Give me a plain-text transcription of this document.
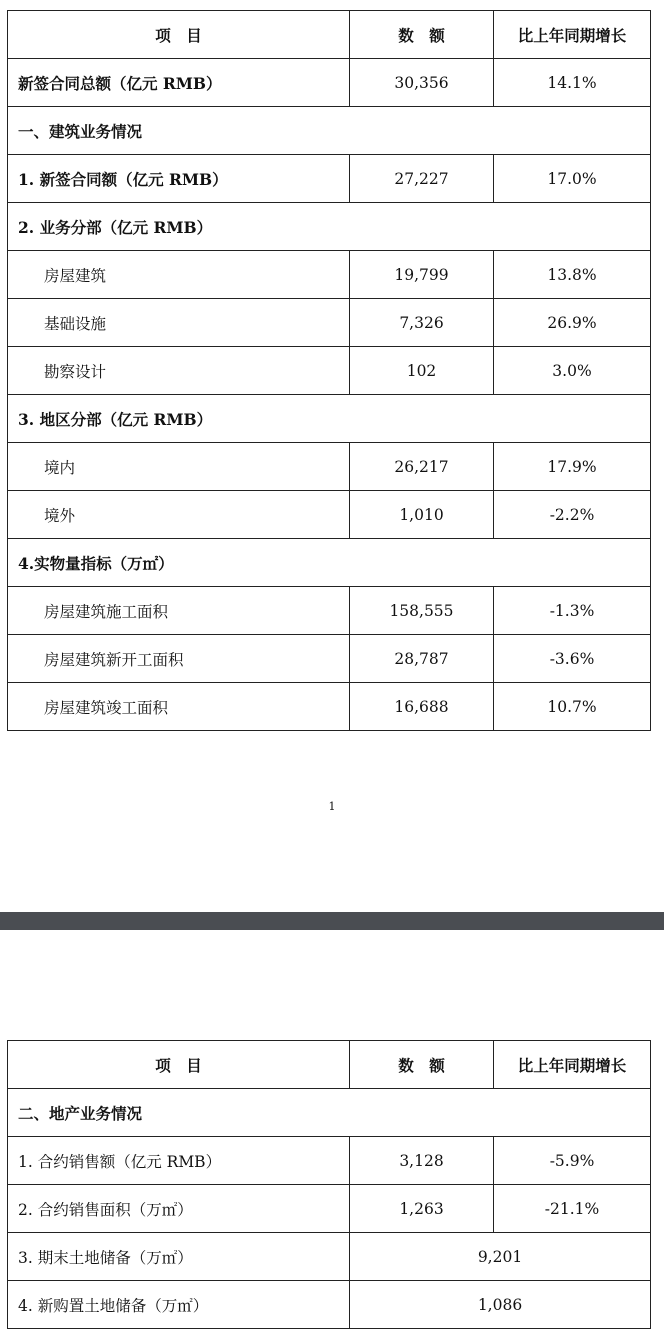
项　目	数　额	比上年同期增长
新签合同总额（亿元 RMB）	30,356	14.1%
一、建筑业务情况		
1. 新签合同额（亿元 RMB）	27,227	17.0%
2. 业务分部（亿元 RMB）		
房屋建筑	19,799	13.8%
基础设施	7,326	26.9%
勘察设计	102	3.0%
3. 地区分部（亿元 RMB）		
境内	26,217	17.9%
境外	1,010	-2.2%
4.实物量指标（万㎡）		
房屋建筑施工面积	158,555	-1.3%
房屋建筑新开工面积	28,787	-3.6%
房屋建筑竣工面积	16,688	10.7%
1
项　目	数　额	比上年同期增长
二、地产业务情况		
1. 合约销售额（亿元 RMB）	3,128	-5.9%
2. 合约销售面积（万㎡）	1,263	-21.1%
3. 期末土地储备（万㎡）	9,201	
4. 新购置土地储备（万㎡）	1,086	
